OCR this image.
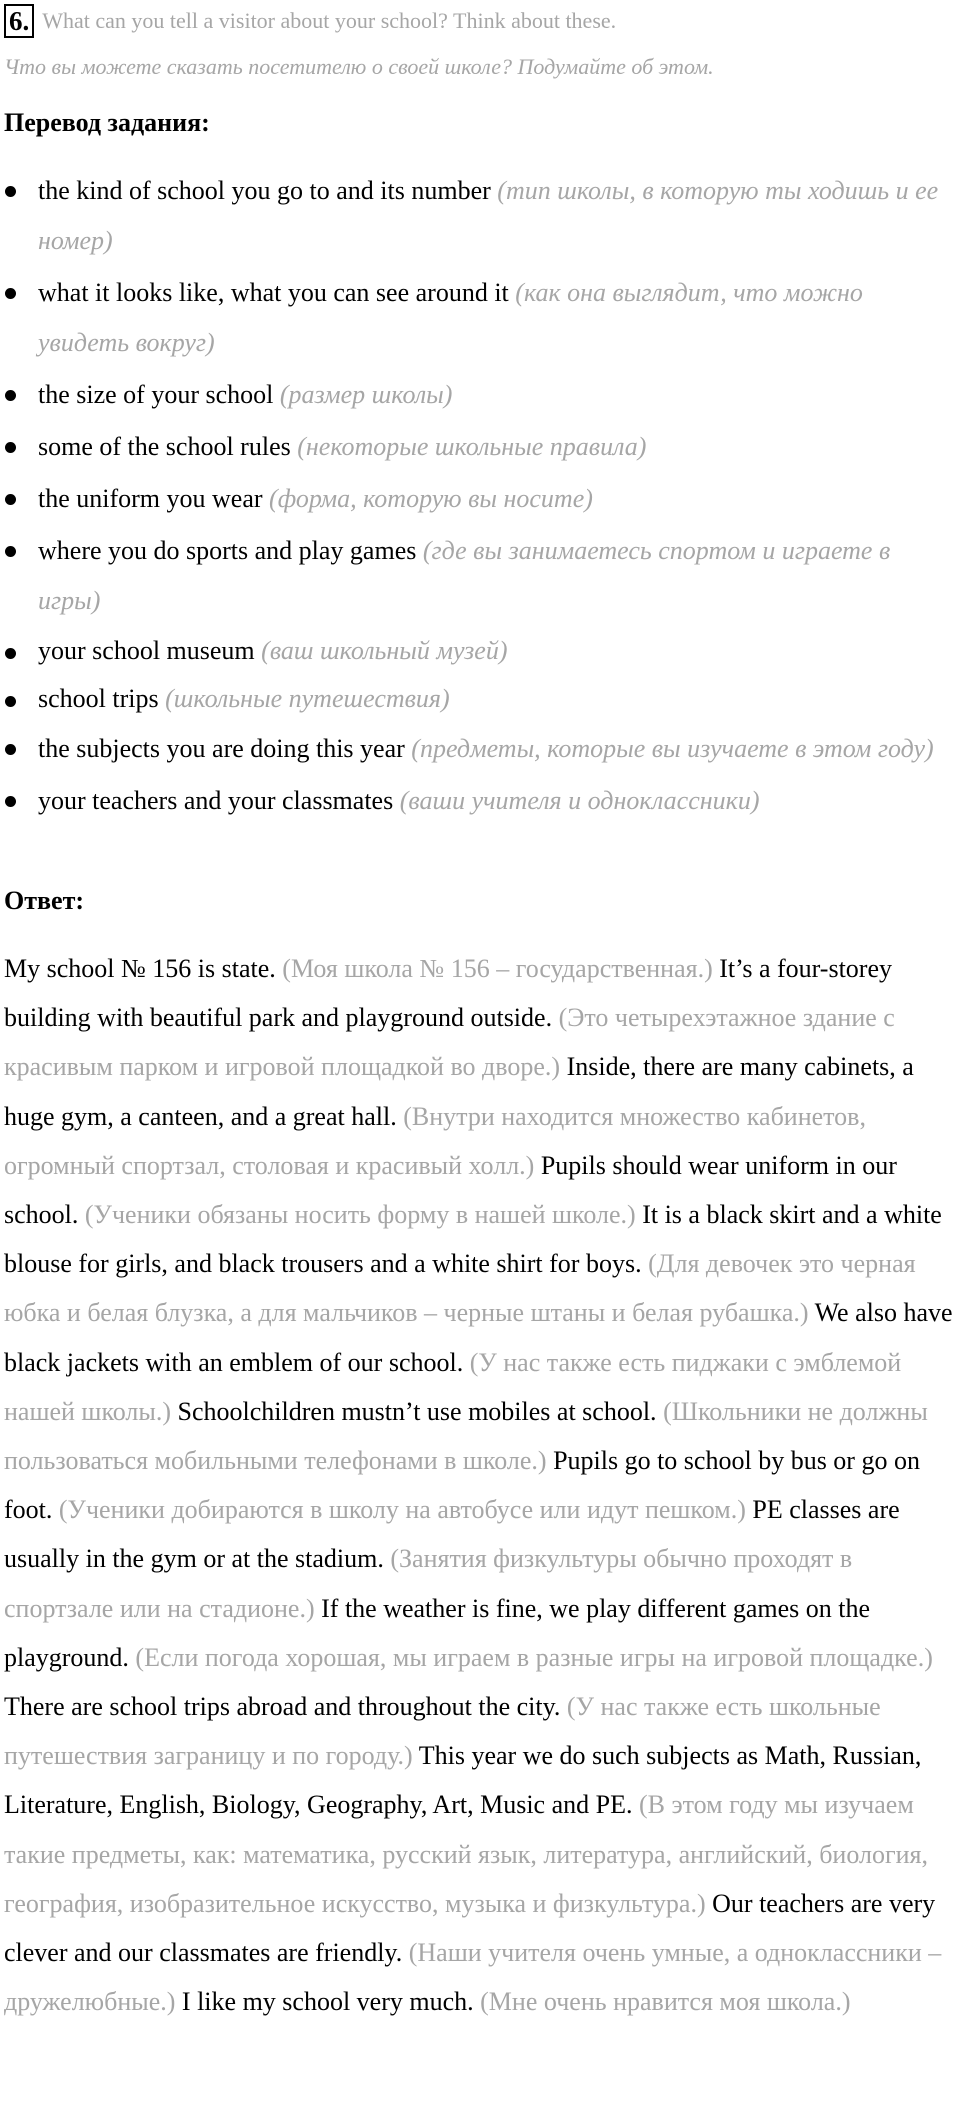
6. What can you tell a visitor about your school? Think about these.
Что вы можете сказать посетителю о своей школе? Подумайте об этом.
Перевод задания:
the kind of school you go to and its number (тип школы, в которую ты ходишь и ее номер)
what it looks like, what you can see around it (как она выглядит, что можно увидеть вокруг)
the size of your school (размер школы)
some of the school rules (некоторые школьные правила)
the uniform you wear (форма, которую вы носите)
where you do sports and play games (где вы занимаетесь спортом и играете в игры)
your school museum (ваш школьный музей)
school trips (школьные путешествия)
the subjects you are doing this year (предметы, которые вы изучаете в этом году)
your teachers and your classmates (ваши учителя и одноклассники)
Ответ:

My school № 156 is state. (Моя школа № 156 – государственная.) It’s a four-storey building with beautiful park and playground outside. (Это четырехэтажное здание с красивым парком и игровой площадкой во дворе.) Inside, there are many cabinets, a huge gym, a canteen, and a great hall. (Внутри находится множество кабинетов, огромный спортзал, столовая и красивый холл.) Pupils should wear uniform in our school. (Ученики обязаны носить форму в нашей школе.) It is a black skirt and a white blouse for girls, and black trousers and a white shirt for boys. (Для девочек это черная юбка и белая блузка, а для мальчиков – черные штаны и белая рубашка.) We also have black jackets with an emblem of our school. (У нас также есть пиджаки с эмблемой нашей школы.) Schoolchildren mustn’t use mobiles at school. (Школьники не должны пользоваться мобильными телефонами в школе.) Pupils go to school by bus or go on foot. (Ученики добираются в школу на автобусе или идут пешком.) PE classes are usually in the gym or at the stadium. (Занятия физкультуры обычно проходят в спортзале или на стадионе.) If the weather is fine, we play different games on the playground. (Если погода хорошая, мы играем в разные игры на игровой площадке.) There are school trips abroad and throughout the city. (У нас также есть школьные путешествия заграницу и по городу.) This year we do such subjects as Math, Russian, Literature, English, Biology, Geography, Art, Music and PE. (В этом году мы изучаем такие предметы, как: математика, русский язык, литература, английский, биология, география, изобразительное искусство, музыка и физкультура.) Our teachers are very clever and our classmates are friendly. (Наши учителя очень умные, а одноклассники – дружелюбные.) I like my school very much. (Мне очень нравится моя школа.)
